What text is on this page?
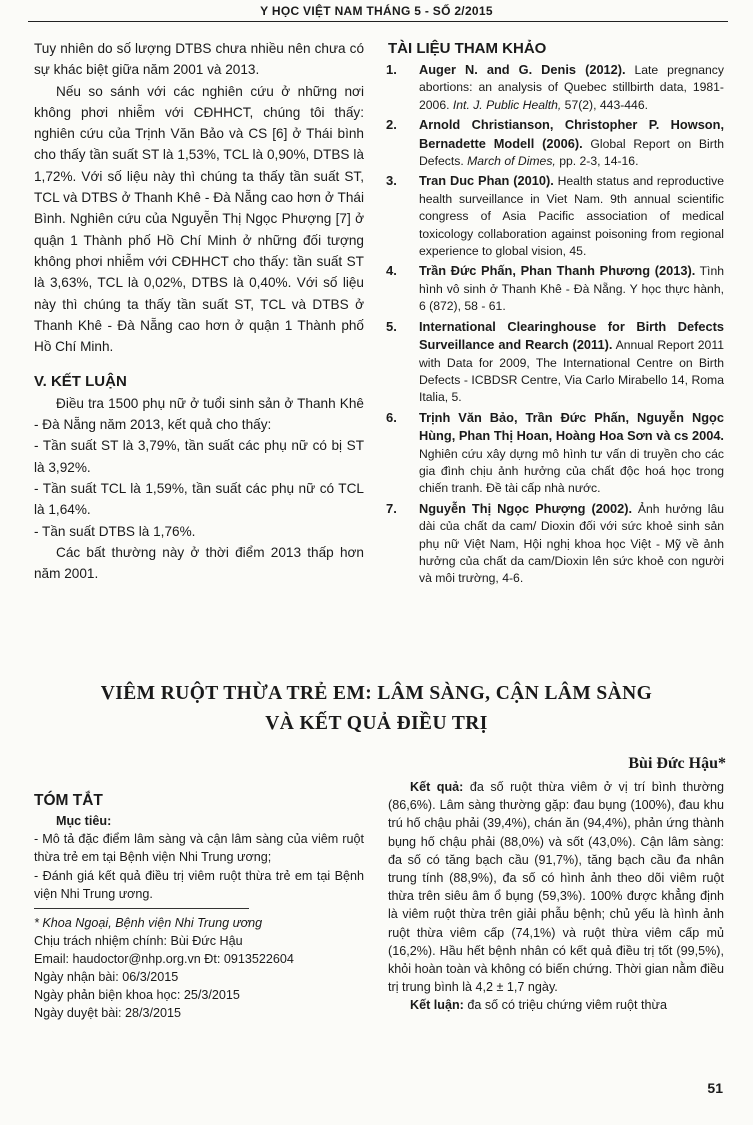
Y HỌC VIỆT NAM THÁNG 5 - SỐ 2/2015

Tuy nhiên do số lượng DTBS chưa nhiều nên chưa có sự khác biệt giữa năm 2001 và 2013.

Nếu so sánh với các nghiên cứu ở những nơi không phơi nhiễm với CĐHHCT, chúng tôi thấy: nghiên cứu của Trịnh Văn Bảo và CS [6] ở Thái bình cho thấy tần suất ST là 1,53%, TCL là 0,90%, DTBS là 1,72%. Với số liệu này thì chúng ta thấy tần suất ST, TCL và DTBS ở Thanh Khê - Đà Nẵng cao hơn ở Thái Bình. Nghiên cứu của Nguyễn Thị Ngọc Phượng [7] ở quận 1 Thành phố Hồ Chí Minh ở những đối tượng không phơi nhiễm với CĐHHCT cho thấy: tần suất ST là 3,63%, TCL là 0,02%, DTBS là 0,40%. Với số liệu này thì chúng ta thấy tần suất ST, TCL và DTBS ở Thanh Khê - Đà Nẵng cao hơn ở quận 1 Thành phố Hồ Chí Minh.

V. KẾT LUẬN

Điều tra 1500 phụ nữ ở tuổi sinh sản ở Thanh Khê - Đà Nẵng năm 2013, kết quả cho thấy:

- Tần suất ST là 3,79%, tần suất các phụ nữ có bị ST là 3,92%.

- Tần suất TCL là 1,59%, tần suất các phụ nữ có TCL là 1,64%.

- Tần suất DTBS là 1,76%.

Các bất thường này ở thời điểm 2013 thấp hơn năm 2001.

TÀI LIỆU THAM KHẢO

1. Auger N. and G. Denis (2012). Late pregnancy abortions: an analysis of Quebec stillbirth data, 1981-2006. Int. J. Public Health, 57(2), 443-446.
2. Arnold Christianson, Christopher P. Howson, Bernadette Modell (2006). Global Report on Birth Defects. March of Dimes, pp. 2-3, 14-16.
3. Tran Duc Phan (2010). Health status and reproductive health surveillance in Viet Nam. 9th annual scientific congress of Asia Pacific association of medical toxicology collaboration against poisoning from regional experience to global vision, 45.
4. Trần Đức Phấn, Phan Thanh Phương (2013). Tình hình vô sinh ở Thanh Khê - Đà Nẵng. Y học thực hành, 6 (872), 58 - 61.
5. International Clearinghouse for Birth Defects Surveillance and Rearch (2011). Annual Report 2011 with Data for 2009, The International Centre on Birth Defects - ICBDSR Centre, Via Carlo Mirabello 14, Roma Italia, 5.
6. Trịnh Văn Bảo, Trần Đức Phấn, Nguyễn Ngọc Hùng, Phan Thị Hoan, Hoàng Hoa Sơn và cs 2004. Nghiên cứu xây dựng mô hình tư vấn di truyền cho các gia đình chịu ảnh hưởng của chất độc hoá học trong chiến tranh. Đề tài cấp nhà nước.
7. Nguyễn Thị Ngọc Phượng (2002). Ảnh hưởng lâu dài của chất da cam/ Dioxin đối với sức khoẻ sinh sản phụ nữ Việt Nam, Hội nghị khoa học Việt - Mỹ về ảnh hưởng của chất da cam/Dioxin lên sức khoẻ con người và môi trường, 4-6.
VIÊM RUỘT THỪA TRẺ EM: LÂM SÀNG, CẬN LÂM SÀNG
VÀ KẾT QUẢ ĐIỀU TRỊ
Bùi Đức Hậu*

TÓM TẮT

Mục tiêu:

- Mô tả đặc điểm lâm sàng và cận lâm sàng của viêm ruột thừa trẻ em tại Bệnh viện Nhi Trung ương;

- Đánh giá kết quả điều trị viêm ruột thừa trẻ em tại Bệnh viện Nhi Trung ương.

* Khoa Ngoại, Bệnh viện Nhi Trung ương
Chịu trách nhiệm chính: Bùi Đức Hậu
Email: haudoctor@nhp.org.vn Đt: 0913522604
Ngày nhận bài: 06/3/2015
Ngày phản biện khoa học: 25/3/2015
Ngày duyệt bài: 28/3/2015

Kết quả: đa số ruột thừa viêm ở vị trí bình thường (86,6%). Lâm sàng thường gặp: đau bụng (100%), đau khu trú hố chậu phải (39,4%), chán ăn (94,4%), phản ứng thành bụng hố chậu phải (88,0%) và sốt (43,0%). Cận lâm sàng: đa số có tăng bạch cầu (91,7%), tăng bạch cầu đa nhân trung tính (88,9%), đa số có hình ảnh theo dõi viêm ruột thừa trên siêu âm ổ bụng (59,3%). 100% được khẳng định là viêm ruột thừa trên giải phẫu bệnh; chủ yếu là hình ảnh ruột thừa viêm cấp (74,1%) và ruột thừa viêm cấp mủ (16,2%). Hầu hết bệnh nhân có kết quả điều trị tốt (99,5%), khỏi hoàn toàn và không có biến chứng. Thời gian nằm điều trị trung bình là 4,2 ± 1,7 ngày.

Kết luận: đa số có triệu chứng viêm ruột thừa

51
